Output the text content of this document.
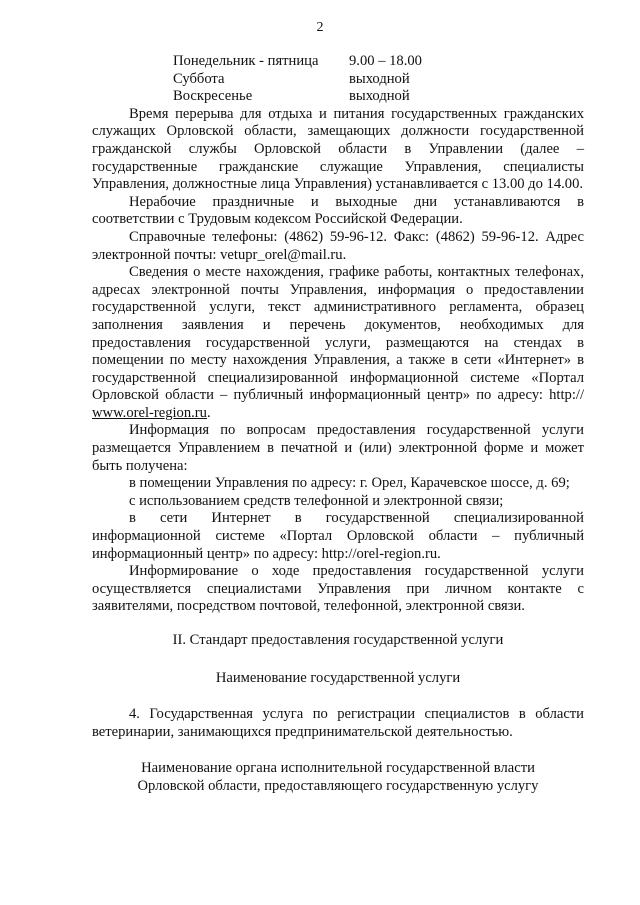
2
Понедельник - пятница	9.00 – 18.00
Суббота	выходной
Воскресенье	выходной

Время перерыва для отдыха и питания государственных гражданских служащих Орловской области, замещающих должности государственной гражданской службы Орловской области в Управлении (далее – государственные гражданские служащие Управления, специалисты Управления, должностные лица Управления) устанавливается с 13.00 до 14.00.

Нерабочие праздничные и выходные дни устанавливаются в соответствии с Трудовым кодексом Российской Федерации.

Справочные телефоны: (4862) 59-96-12. Факс: (4862) 59-96-12. Адрес электронной почты: vetupr_orel@mail.ru.

Сведения о месте нахождения, графике работы, контактных телефонах, адресах электронной почты Управления, информация о предоставлении государственной услуги, текст административного регламента, образец заполнения заявления и перечень документов, необходимых для предоставления государственной услуги, размещаются на стендах в помещении по месту нахождения Управления, а также в сети «Интернет» в государственной специализированной информационной системе «Портал Орловской области – публичный информационный центр» по адресу: http:// www.orel-region.ru.

Информация по вопросам предоставления государственной услуги размещается Управлением в печатной и (или) электронной форме и может быть получена:

в помещении Управления по адресу: г. Орел, Карачевское шоссе, д. 69;

с использованием средств телефонной и электронной связи;

в сети Интернет в государственной специализированной информационной системе «Портал Орловской области – публичный информационный центр» по адресу: http://orel-region.ru.

Информирование о ходе предоставления государственной услуги осуществляется специалистами Управления при личном контакте с заявителями, посредством почтовой, телефонной, электронной связи.

II. Стандарт предоставления государственной услуги
Наименование государственной услуги

4. Государственная услуга по регистрации специалистов в области ветеринарии, занимающихся предпринимательской деятельностью.

Наименование органа исполнительной государственной власти
Орловской области, предоставляющего государственную услугу
